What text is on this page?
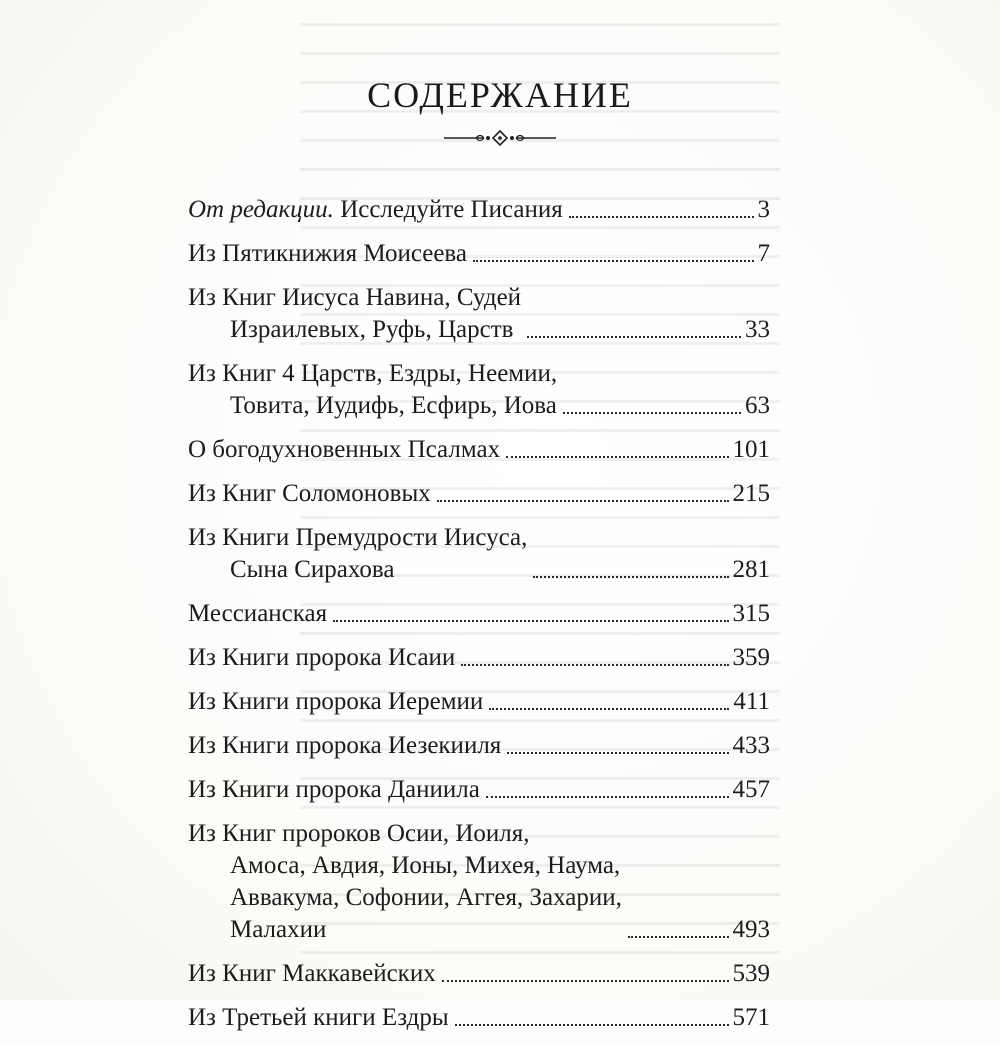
СОДЕРЖАНИЕ
От редакции. Исследуйте Писания	3
Из Пятикнижия Моисеева	7
Из Книг Иисуса Навина, Судей
Израилевых, Руфь, Царств	33
Из Книг 4 Царств, Ездры, Неемии,
Товита, Иудифь, Есфирь, Иова	63
О богодухновенных Псалмах	101
Из Книг Соломоновых	215
Из Книги Премудрости Иисуса,
Сына Сирахова	281
Мессианская	315
Из Книги пророка Исаии	359
Из Книги пророка Иеремии	411
Из Книги пророка Иезекииля	433
Из Книги пророка Даниила	457
Из Книг пророков Осии, Иоиля,
Амоса, Авдия, Ионы, Михея, Наума,
Аввакума, Софонии, Аггея, Захарии,
Малахии	493
Из Книг Маккавейских	539
Из Третьей книги Ездры	571
